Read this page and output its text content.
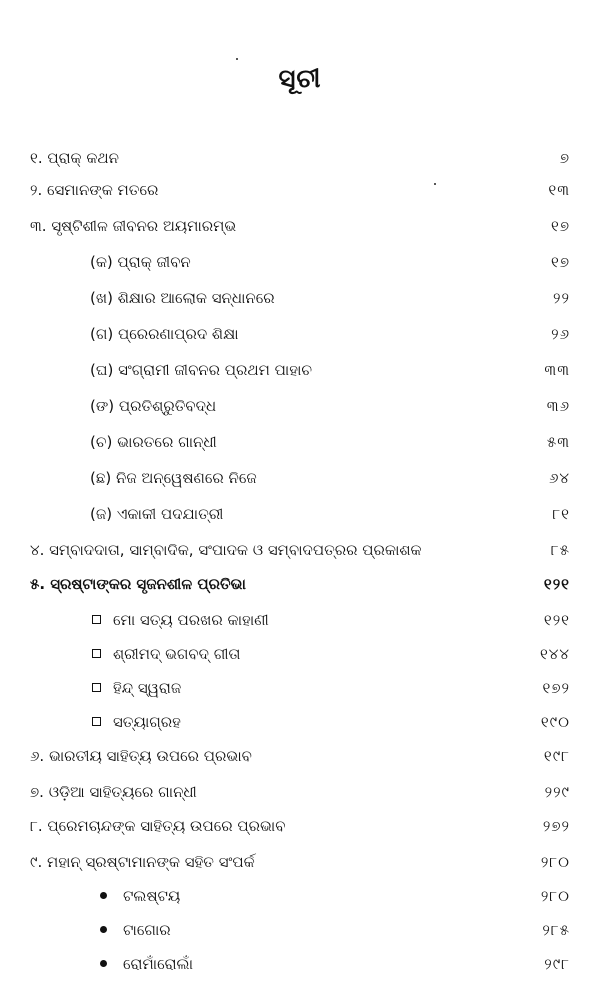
ସୂଚୀ
୧. ପ୍ରାକ୍ କଥନ	୭
୨. ସେମାନଙ୍କ ମତରେ	୧୩
୩. ସୃଷ୍ଟିଶୀଳ ଜୀବନର ଅୟମାରମ୍ଭ	୧୭
(କ) ପ୍ରାକ୍ ଜୀବନ	୧୭
(ଖ) ଶିକ୍ଷାର ଆଲୋକ ସନ୍ଧାନରେ	୨୨
(ଗ) ପ୍ରେରଣାପ୍ରଦ ଶିକ୍ଷା	୨୬
(ଘ) ସଂଗ୍ରାମୀ ଜୀବନର ପ୍ରଥମ ପାହାଚ	୩୩
(ଙ) ପ୍ରତିଶ୍ରୁତିବଦ୍ଧ	୩୬
(ଚ) ଭାରତରେ ଗାନ୍ଧୀ	୫୩
(ଛ) ନିଜ ଅନ୍ୱେଷଣରେ ନିଜେ	୬୪
(ଜ) ଏକାକୀ ପଦଯାତ୍ରୀ	୮୧
୪. ସମ୍ବାଦଦାତା, ସାମ୍ବାଦିକ, ସଂପାଦକ ଓ ସମ୍ବାଦପତ୍ରର ପ୍ରକାଶକ	୮୫
୫. ସ୍ରଷ୍ଟାଙ୍କର ସୃଜନଶୀଳ ପ୍ରତିଭା	୧୨୧
ମୋ ସତ୍ୟ ପରଖର କାହାଣୀ	୧୨୧
ଶ୍ରୀମଦ୍ ଭଗବଦ୍ ଗୀତା	୧୪୪
ହିନ୍ଦ୍ ସ୍ୱରାଜ	୧୭୨
ସତ୍ୟାଗ୍ରହ	୧୯୦
୬. ଭାରତୀୟ ସାହିତ୍ୟ ଉପରେ ପ୍ରଭାବ	୧୯୮
୭. ଓଡ଼ିଆ ସାହିତ୍ୟରେ ଗାନ୍ଧୀ	୨୨୯
୮. ପ୍ରେମଚାନ୍ଦଙ୍କ ସାହିତ୍ୟ ଉପରେ ପ୍ରଭାବ	୨୭୨
୯. ମହାନ୍ ସ୍ରଷ୍ଟାମାନଙ୍କ ସହିତ ସଂପର୍କ	୨୮୦
ଟଲଷ୍ଟୟ	୨୮୦
ଟାଗୋର	୨୮୫
ରୋମାଁରୋଲାଁ	୨୯୮
